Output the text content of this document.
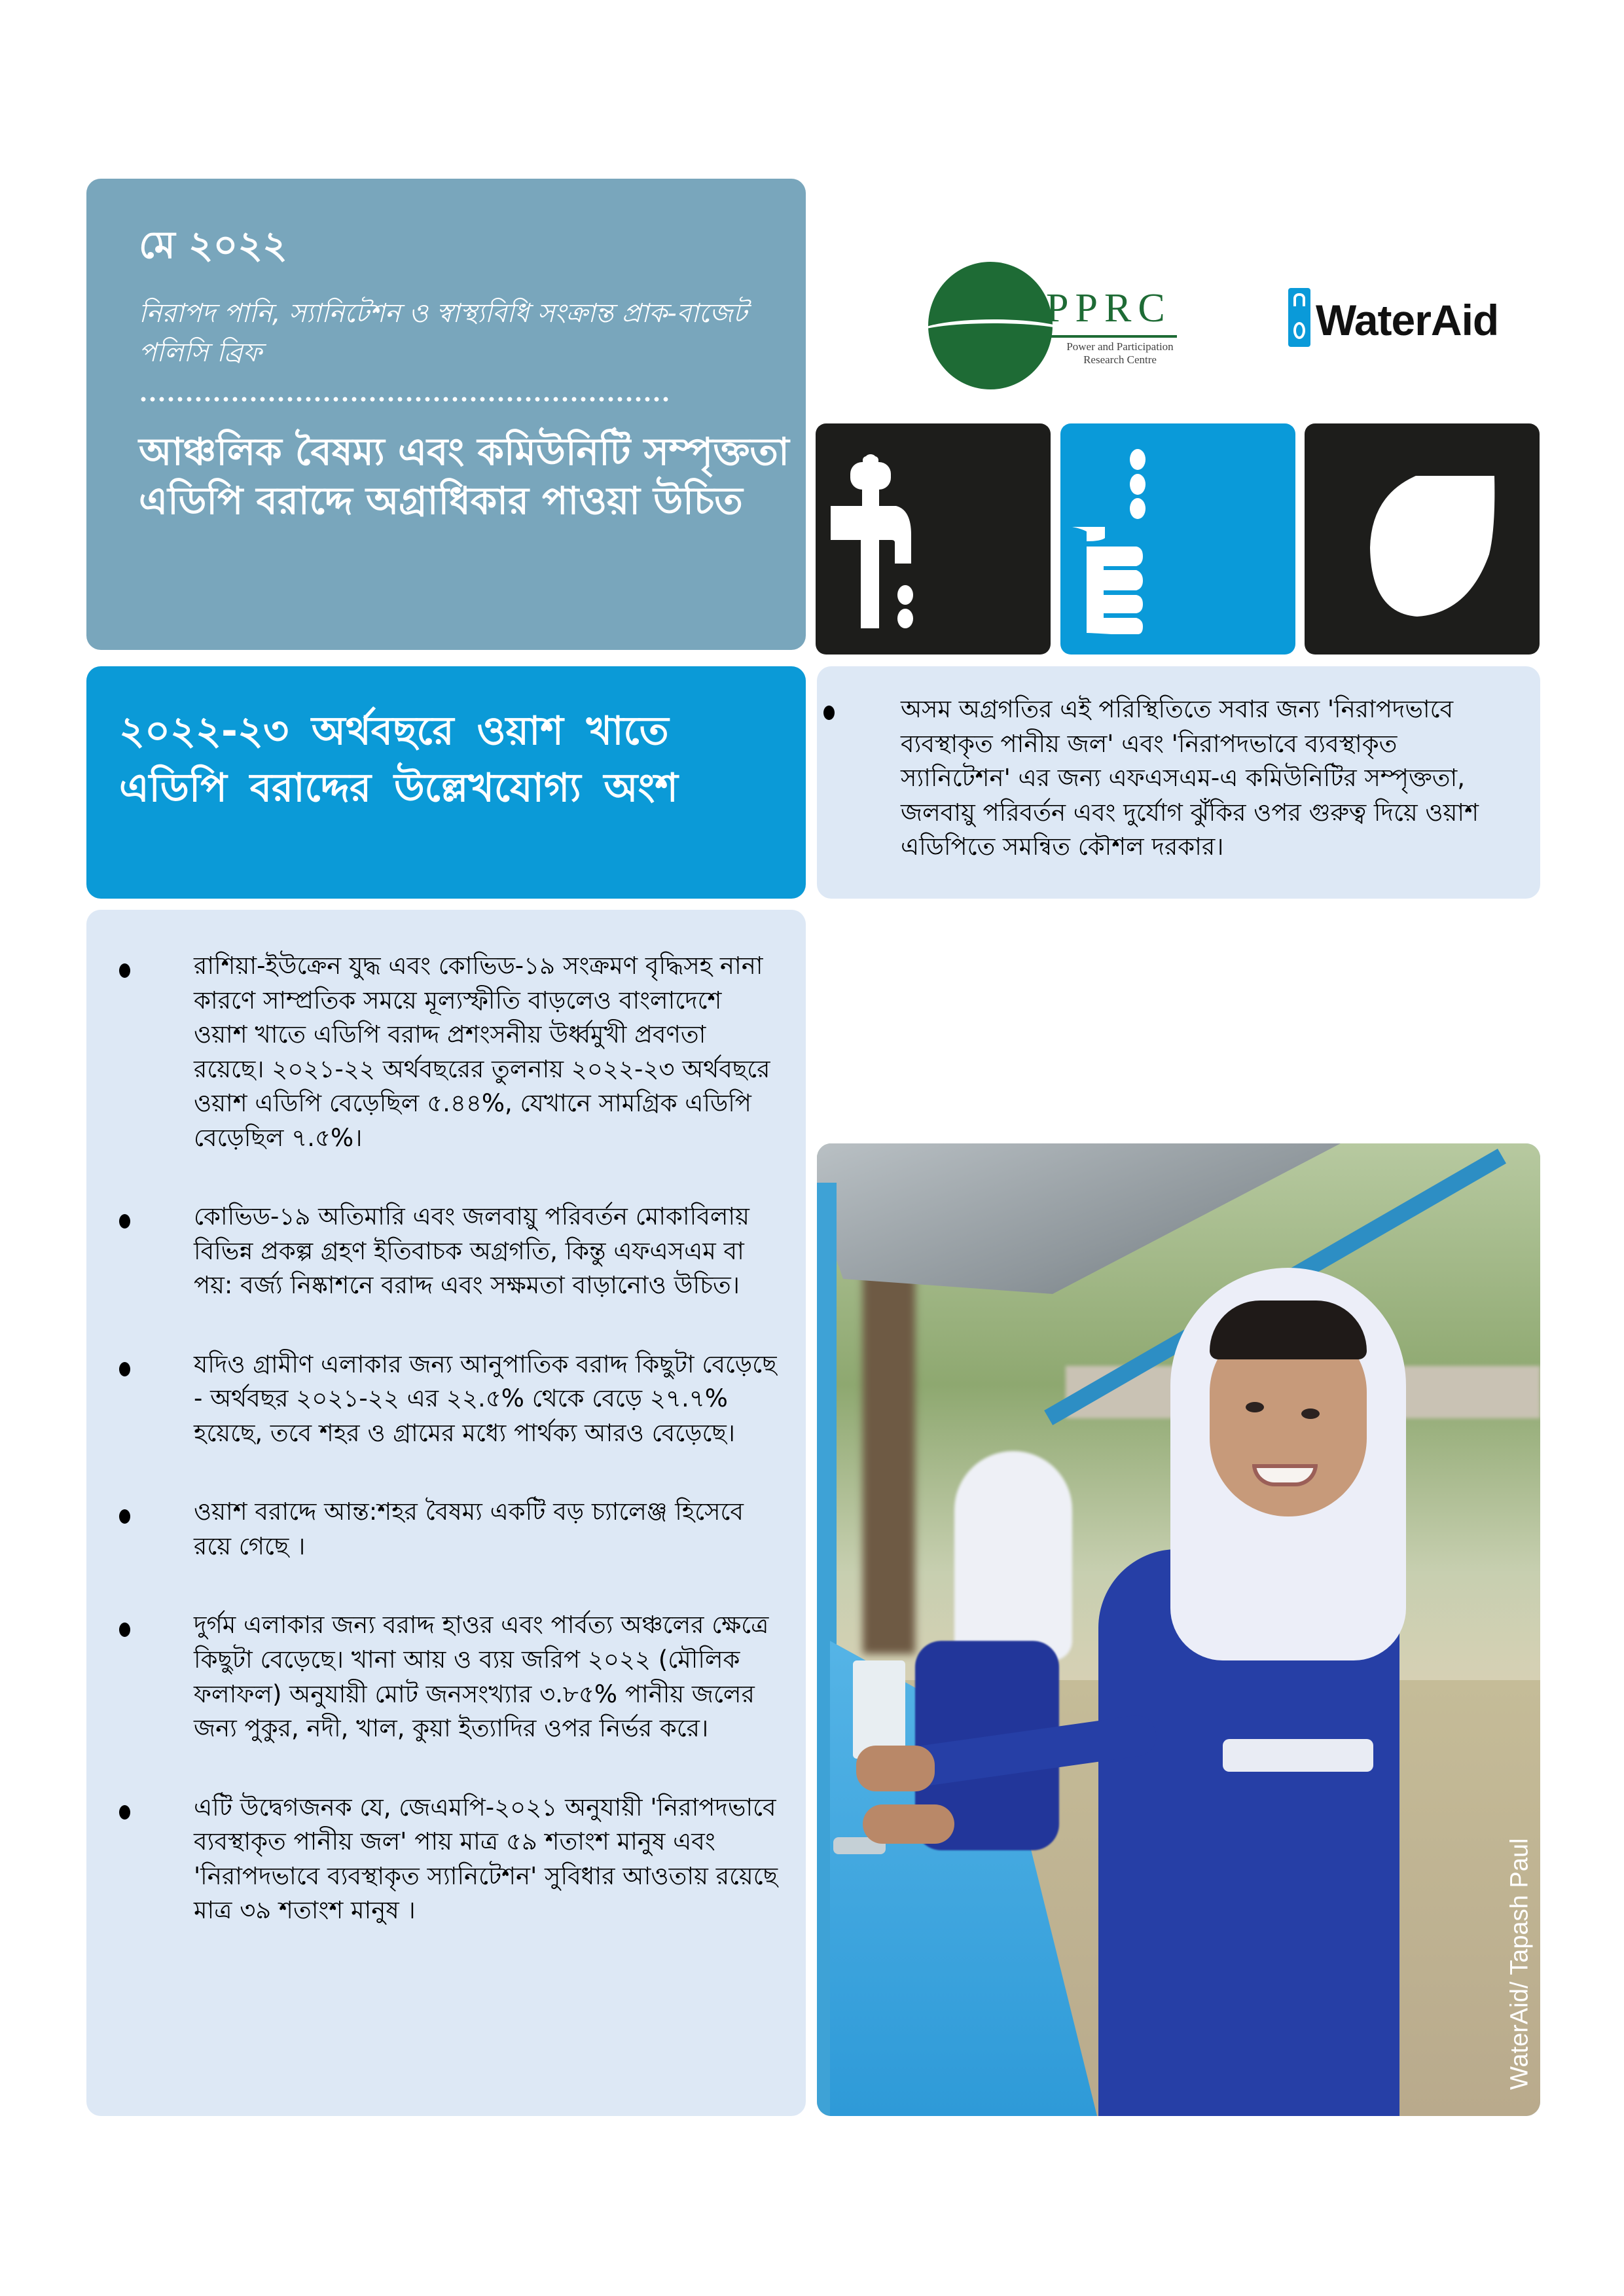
মে ২০২২
নিরাপদ পানি, স্যানিটেশন ও স্বাস্থ্যবিধি সংক্রান্ত প্রাক-বাজেট পলিসি ব্রিফ
আঞ্চলিক বৈষম্য এবং কমিউনিটি সম্পৃক্ততা এডিপি বরাদ্দে অগ্রাধিকার পাওয়া উচিত
PPRC
Power and Participation
Research Centre
WaterAid
২০২২-২৩ অর্থবছরে ওয়াশ খাতে এডিপি বরাদ্দের উল্লেখযোগ্য অংশ
অসম অগ্রগতির এই পরিস্থিতিতে সবার জন্য 'নিরাপদভাবে ব্যবস্থাকৃত পানীয় জল' এবং 'নিরাপদভাবে ব্যবস্থাকৃত স্যানিটেশন' এর জন্য এফএসএম-এ কমিউনিটির সম্পৃক্ততা, জলবায়ু পরিবর্তন এবং দুর্যোগ ঝুঁকির ওপর গুরুত্ব দিয়ে ওয়াশ এডিপিতে সমন্বিত কৌশল দরকার।
রাশিয়া-ইউক্রেন যুদ্ধ এবং কোভিড-১৯ সংক্রমণ বৃদ্ধিসহ নানা কারণে সাম্প্রতিক সময়ে মূল্যস্ফীতি বাড়লেও বাংলাদেশে ওয়াশ খাতে এডিপি বরাদ্দ প্রশংসনীয় উর্ধ্বমুখী প্রবণতা রয়েছে। ২০২১-২২ অর্থবছরের তুলনায় ২০২২-২৩ অর্থবছরে ওয়াশ এডিপি বেড়েছিল ৫.৪৪%, যেখানে সামগ্রিক এডিপি বেড়েছিল ৭.৫%।
কোভিড-১৯ অতিমারি এবং জলবায়ু পরিবর্তন মোকাবিলায় বিভিন্ন প্রকল্প গ্রহণ ইতিবাচক অগ্রগতি, কিন্তু এফএসএম বা পয়: বর্জ্য নিষ্কাশনে বরাদ্দ এবং সক্ষমতা বাড়ানোও উচিত।
যদিও গ্রামীণ এলাকার জন্য আনুপাতিক বরাদ্দ কিছুটা বেড়েছে - অর্থবছর ২০২১-২২ এর ২২.৫% থেকে বেড়ে ২৭.৭% হয়েছে, তবে শহর ও গ্রামের মধ্যে পার্থক্য আরও বেড়েছে।
ওয়াশ বরাদ্দে আন্ত:শহর বৈষম্য একটি বড় চ্যালেঞ্জ হিসেবে রয়ে গেছে ।
দুর্গম এলাকার জন্য বরাদ্দ হাওর এবং পার্বত্য অঞ্চলের ক্ষেত্রে কিছুটা বেড়েছে। খানা আয় ও ব্যয় জরিপ ২০২২ (মৌলিক ফলাফল) অনুযায়ী মোট জনসংখ্যার ৩.৮৫% পানীয় জলের জন্য পুকুর, নদী, খাল, কুয়া ইত্যাদির ওপর নির্ভর করে।
এটি উদ্বেগজনক যে, জেএমপি-২০২১ অনুযায়ী 'নিরাপদভাবে ব্যবস্থাকৃত পানীয় জল' পায় মাত্র ৫৯ শতাংশ মানুষ এবং 'নিরাপদভাবে ব্যবস্থাকৃত স্যানিটেশন' সুবিধার আওতায় রয়েছে মাত্র ৩৯ শতাংশ মানুষ ।	WaterAid/ Tapash Paul
